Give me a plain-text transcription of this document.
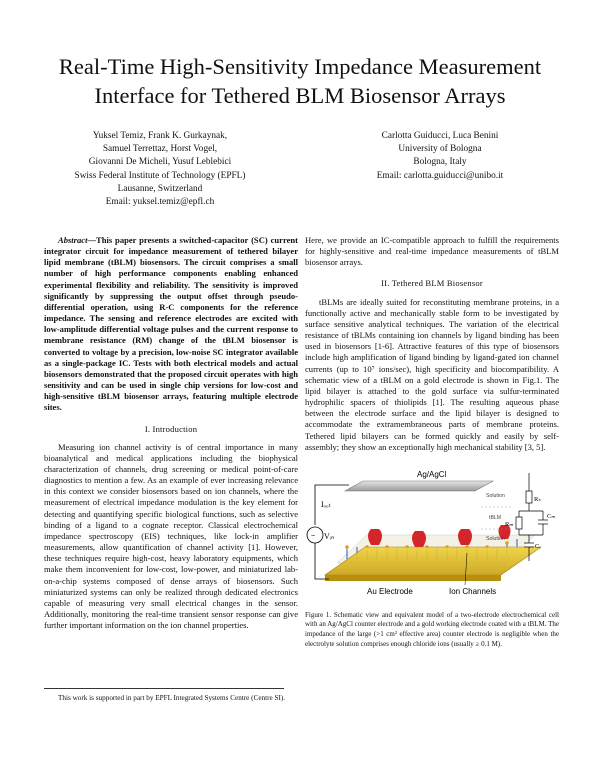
Real-Time High-Sensitivity Impedance Measurement Interface for Tethered BLM Biosensor Arrays
Yuksel Temiz, Frank K. Gurkaynak,
Samuel Terrettaz, Horst Vogel,
Giovanni De Micheli, Yusuf Leblebici
Swiss Federal Institute of Technology (EPFL)
Lausanne, Switzerland
Email: yuksel.temiz@epfl.ch
Carlotta Guiducci, Luca Benini
University of Bologna
Bologna, Italy
Email: carlotta.guiducci@unibo.it

Abstract—This paper presents a switched-capacitor (SC) current integrator circuit for impedance measurement of tethered bilayer lipid membrane (tBLM) biosensors. The circuit comprises a small number of high performance components enabling enhanced experimental flexibility and reliability. The sensitivity is improved significantly by suppressing the output offset through pseudo-differential operation, using R-C components for the reference impedance. The sensing and reference electrodes are excited with low-amplitude differential voltage pulses and the current response to membrane resistance (RM) change of the tBLM biosensor is converted to voltage by a precision, low-noise SC integrator available as a single-package IC. Tests with both electrical models and actual biosensors demonstrated that the proposed circuit operates with high sensitivity and can be used in single chip versions for low-cost and high-sensitive tBLM biosensor arrays, featuring multiple electrode sites.

I. Introduction

Measuring ion channel activity is of central importance in many bioanalytical and medical applications including the biophysical characterization of channels, drug screening or medical point-of-care diagnostics to mention a few. As an example of ever increasing relevance in this context we consider biosensors based on ion channels, where the measurement of electrical impedance modulation is the key element for detecting and quantifying specific biological functions, such as selective binding of a ligand to a cognate receptor. Classical electrochemical impedance spectroscopy (EIS) techniques, like lock-in amplifier measurements, allow quantification of channel activity [1]. However, these techniques require high-cost, heavy laboratory equipments, which make them inconvenient for low-cost, low-power, and miniaturized lab-on-a-chip systems composed of dense arrays of biosensors. Such miniaturized systems can only be realized through dedicated electronics capable of measuring very small electrical changes in the sensor. Additionally, monitoring the real-time transient sensor response can give further important information on the ion channel properties.

Here, we provide an IC-compatible approach to fulfill the requirements for highly-sensitive and real-time impedance measurements of tBLM biosensor arrays.

II. Tethered BLM Biosensor

tBLMs are ideally suited for reconstituting membrane proteins, in a functionally active and mechanically stable form to be investigated by surface sensitive analytical techniques. The variation of the electrical resistance of tBLMs containing ion channels by ligand binding has been used in biosensors [1-6]. Attractive features of this type of biosensors include high amplification of ligand binding by ligand-gated ion channel currents (up to 10⁷ ions/sec), high specificity and biocompatibility. A schematic view of a tBLM on a gold electrode is shown in Fig.1. The lipid bilayer is attached to the gold surface via sulfur-terminated hydrophilic spacers of thiolipids [1]. The resulting aqueous phase between the electrode surface and the lipid bilayer is designed to accommodate the extramembraneous parts of membrane proteins. Tethered lipid bilayers can be formed quickly and easily by self-assembly; they show an exceptionally high mechanical stability [3, 5].

Ag/AgCl
Au Electrode	Ion Channels
~
Iₒᵤₜ
Vᵢₙ
Solution
tBLM
Solution
Rₛ
Rₘ
Cₘ
Cᵢ
Figure 1. Schematic view and equivalent model of a two-electrode electrochemical cell with an Ag/AgCl counter electrode and a gold working electrode coated with a tBLM. The impedance of the large (>1 cm² effective area) counter electrode is negligible when the electrolyte solution comprises enough chloride ions (usually ≥ 0.1 M).
This work is supported in part by EPFL Integrated Systems Centre (Centre SI).
